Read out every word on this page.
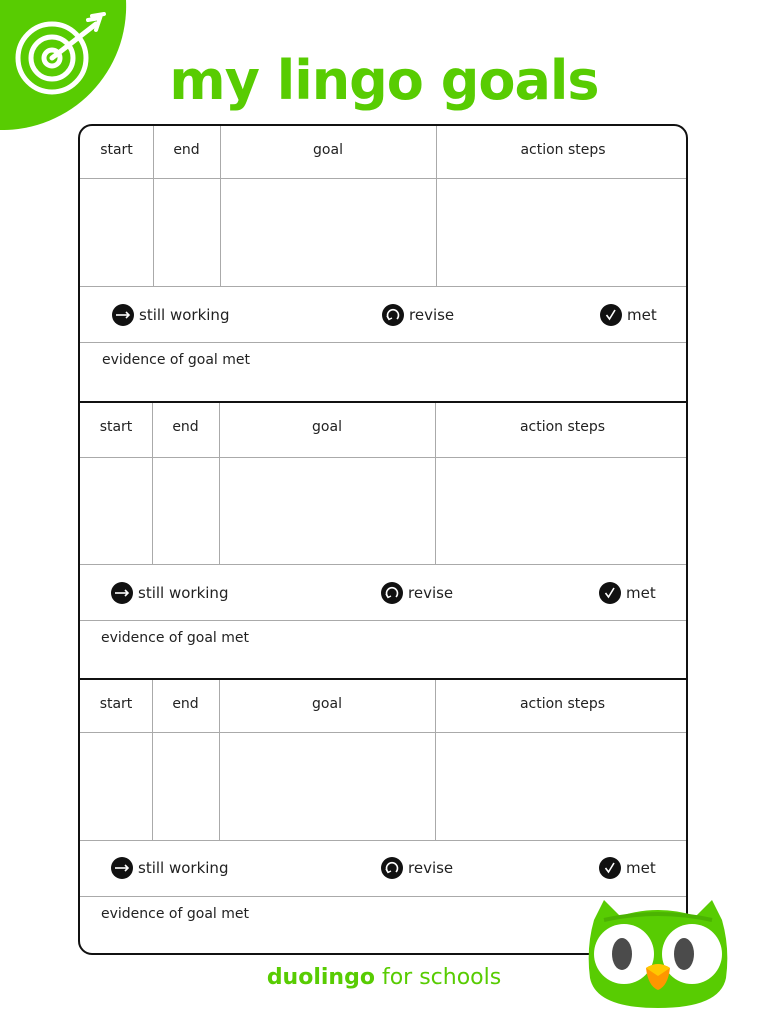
my lingo goals
start	end	goal	action steps
still working	revise	met
evidence of goal met
start	end	goal	action steps
still working	revise	met
evidence of goal met
start	end	goal	action steps
still working	revise	met
evidence of goal met
duolingo for schools
